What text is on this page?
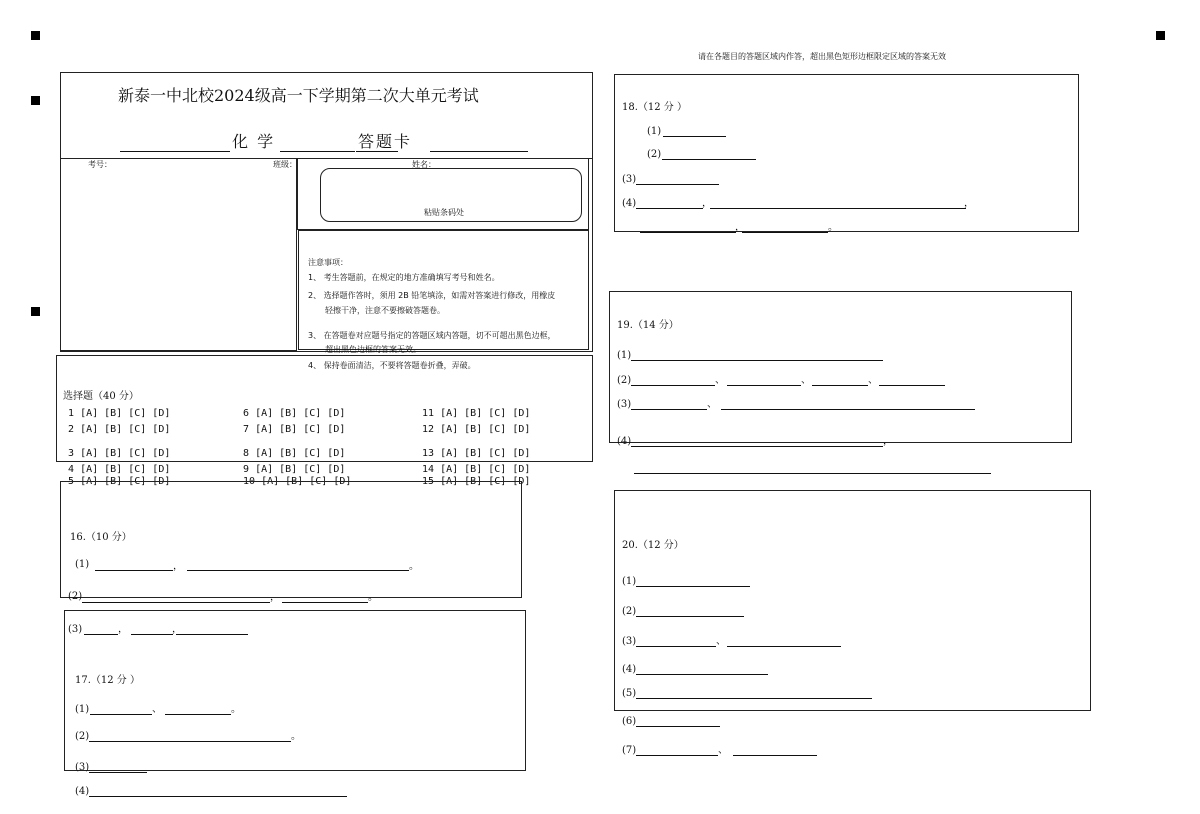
请在各题目的答题区域内作答，超出黑色矩形边框限定区域的答案无效
新泰一中北校2024级高一下学期第二次大单元考试
化 学	答题卡
考号：	班级：	姓名：
粘贴条码处
注意事项：
1、 考生答题前，在规定的地方准确填写考号和姓名。
2、 选择题作答时，须用 2B 铅笔填涂，如需对答案进行修改，用橡皮
轻擦干净，注意不要擦破答题卷。
3、 在答题卷对应题号指定的答题区域内答题，切不可超出黑色边框，
超出黑色边框的答案无效。
4、 保持卷面清洁，不要将答题卷折叠，弄破。
选择题（40 分）
1 [A] [B] [C] [D]
2 [A] [B] [C] [D]
3 [A] [B] [C] [D]
4 [A] [B] [C] [D]
5 [A] [B] [C] [D]
6 [A] [B] [C] [D]
7 [A] [B] [C] [D]
8 [A] [B] [C] [D]
9 [A] [B] [C] [D]
10 [A] [B] [C] [D]
11 [A] [B] [C] [D]
12 [A] [B] [C] [D]
13 [A] [B] [C] [D]
14 [A] [B] [C] [D]
15 [A] [B] [C] [D]
16.（10 分）
(1)	，	。
(2)	，	。
(3)	，	，
17.（12 分 ）
(1)	、	。
(2)	。
(3)
(4)
18.（12 分 ）
(1)
(2)
(3)
(4)	，	，
，	。
19.（14 分）
(1)
(2)	、	、	、
(3)	、
(4)	，
20.（12 分）
(1)
(2)
(3)	、
(4)
(5)
(6)
(7)	、
